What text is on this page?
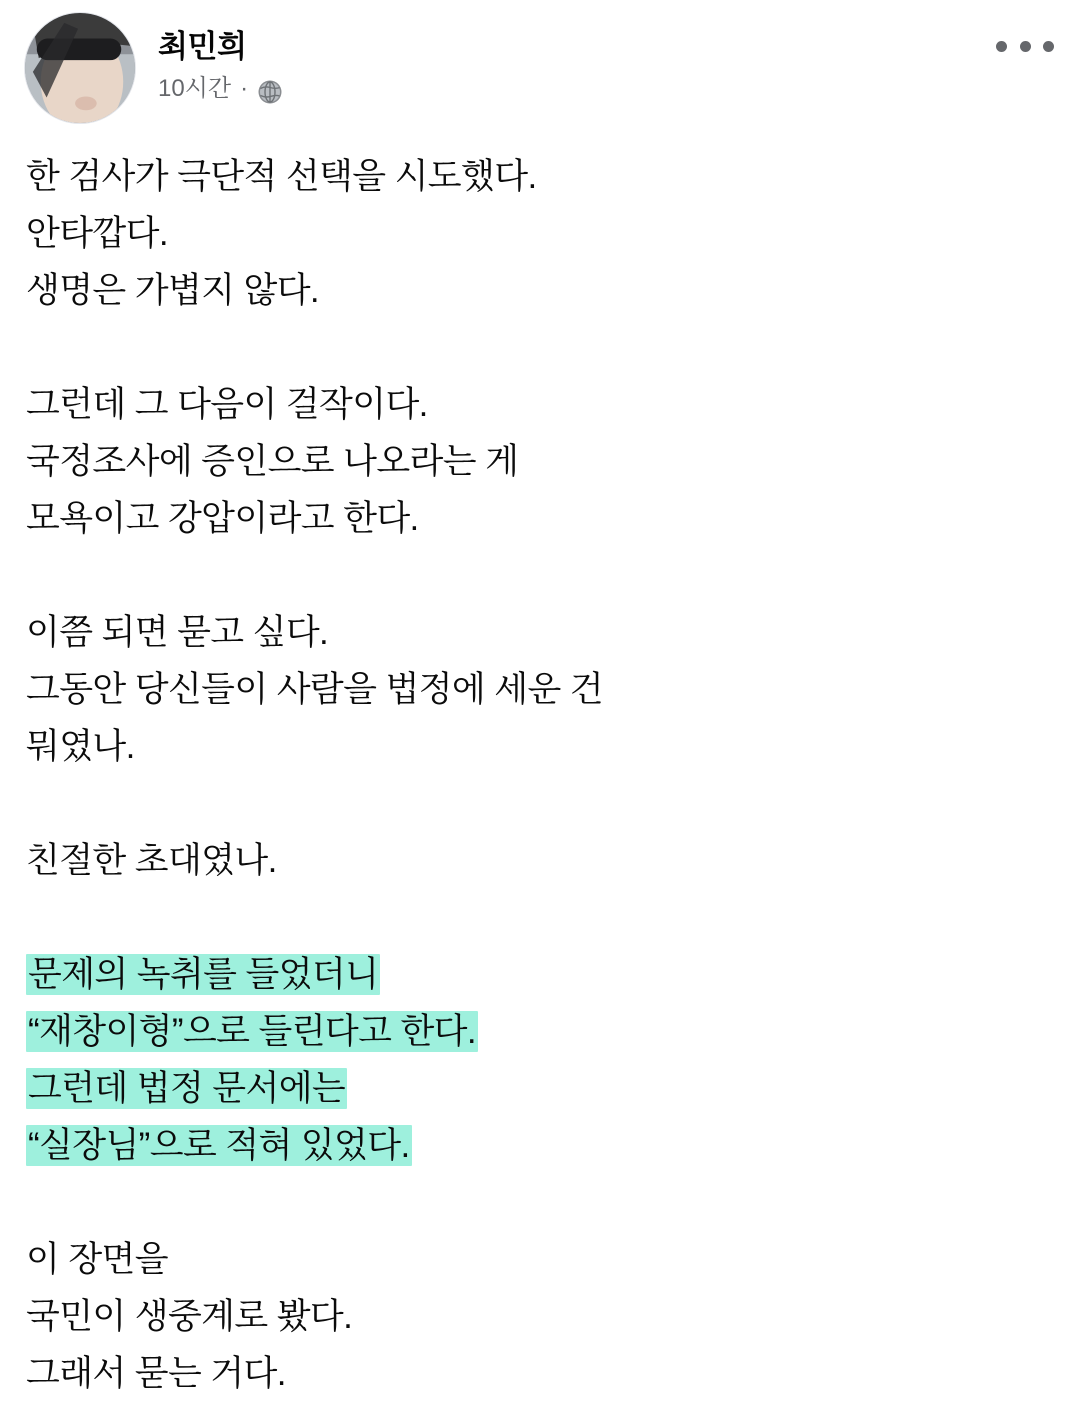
최민희
10시간 ·
한 검사가 극단적 선택을 시도했다.
안타깝다.
생명은 가볍지 않다.
그런데 그 다음이 걸작이다.
국정조사에 증인으로 나오라는 게
모욕이고 강압이라고 한다.
이쯤 되면 묻고 싶다.
그동안 당신들이 사람을 법정에 세운 건
뭐였나.
친절한 초대였나.
문제의 녹취를 들었더니
“재창이형”으로 들린다고 한다.
그런데 법정 문서에는
“실장님”으로 적혀 있었다.
이 장면을
국민이 생중계로 봤다.
그래서 묻는 거다.
